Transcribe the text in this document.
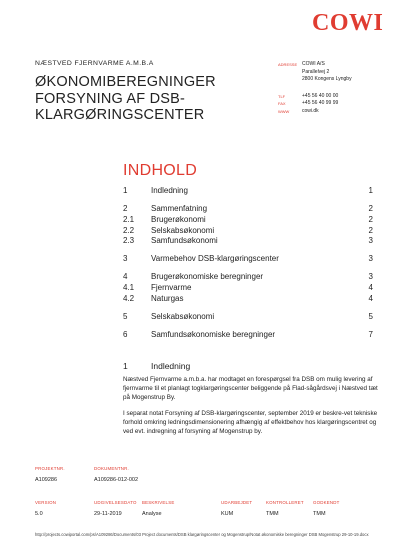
COWI
NÆSTVED FJERNVARME A.M.B.A
ØKONOMIBEREGNINGER
FORSYNING AF DSB-
KLARGØRINGSCENTER
ADRESSE COWI A/S
Parallelvej 2
2800 Kongens Lyngby
TLF	+45 56 40 00 00
FAX	+45 56 40 99 99
WWW	cowi.dk
INDHOLD
1	Indledning	1
2	Sammenfatning	2
2.1	Brugerøkonomi	2
2.2	Selskabsøkonomi	2
2.3	Samfundsøkonomi	3
3	Varmebehov DSB-klargøringscenter	3
4	Brugerøkonomiske beregninger	3
4.1	Fjernvarme	4
4.2	Naturgas	4
5	Selskabsøkonomi	5
6	Samfundsøkonomiske beregninger	7
1	Indledning
Næstved Fjernvarme a.m.b.a. har modtaget en forespørgsel fra DSB om mulig levering af fjernvarme til et planlagt togklargøringscenter beliggende på Flad-sågårdsvej i Næstved tæt på Mogenstrup By.
I separat notat Forsyning af DSB-klargøringscenter, september 2019 er beskre-vet tekniske forhold omkring ledningsdimensionering afhængig af effektbehov hos klargøringscentret og ved evt. indregning af forsyning af Mogenstrup by.
PROJEKTNR.
A109286
DOKUMENTNR.
A109286-012-002
VERSION
5.0
UDGIVELSESDATO
29-11-2019
BESKRIVELSE
Analyse
UDARBEJDET
KUM
KONTROLLERET
TMM
GODKENDT
TMM
http://projects.cowiportal.com/ps/A109286/Documents/03 Project documents/DSB klargøringscenter og Mogenstrup/Notat økonomiske beregninger DSB Mogenstrup 29-10-19.docx
